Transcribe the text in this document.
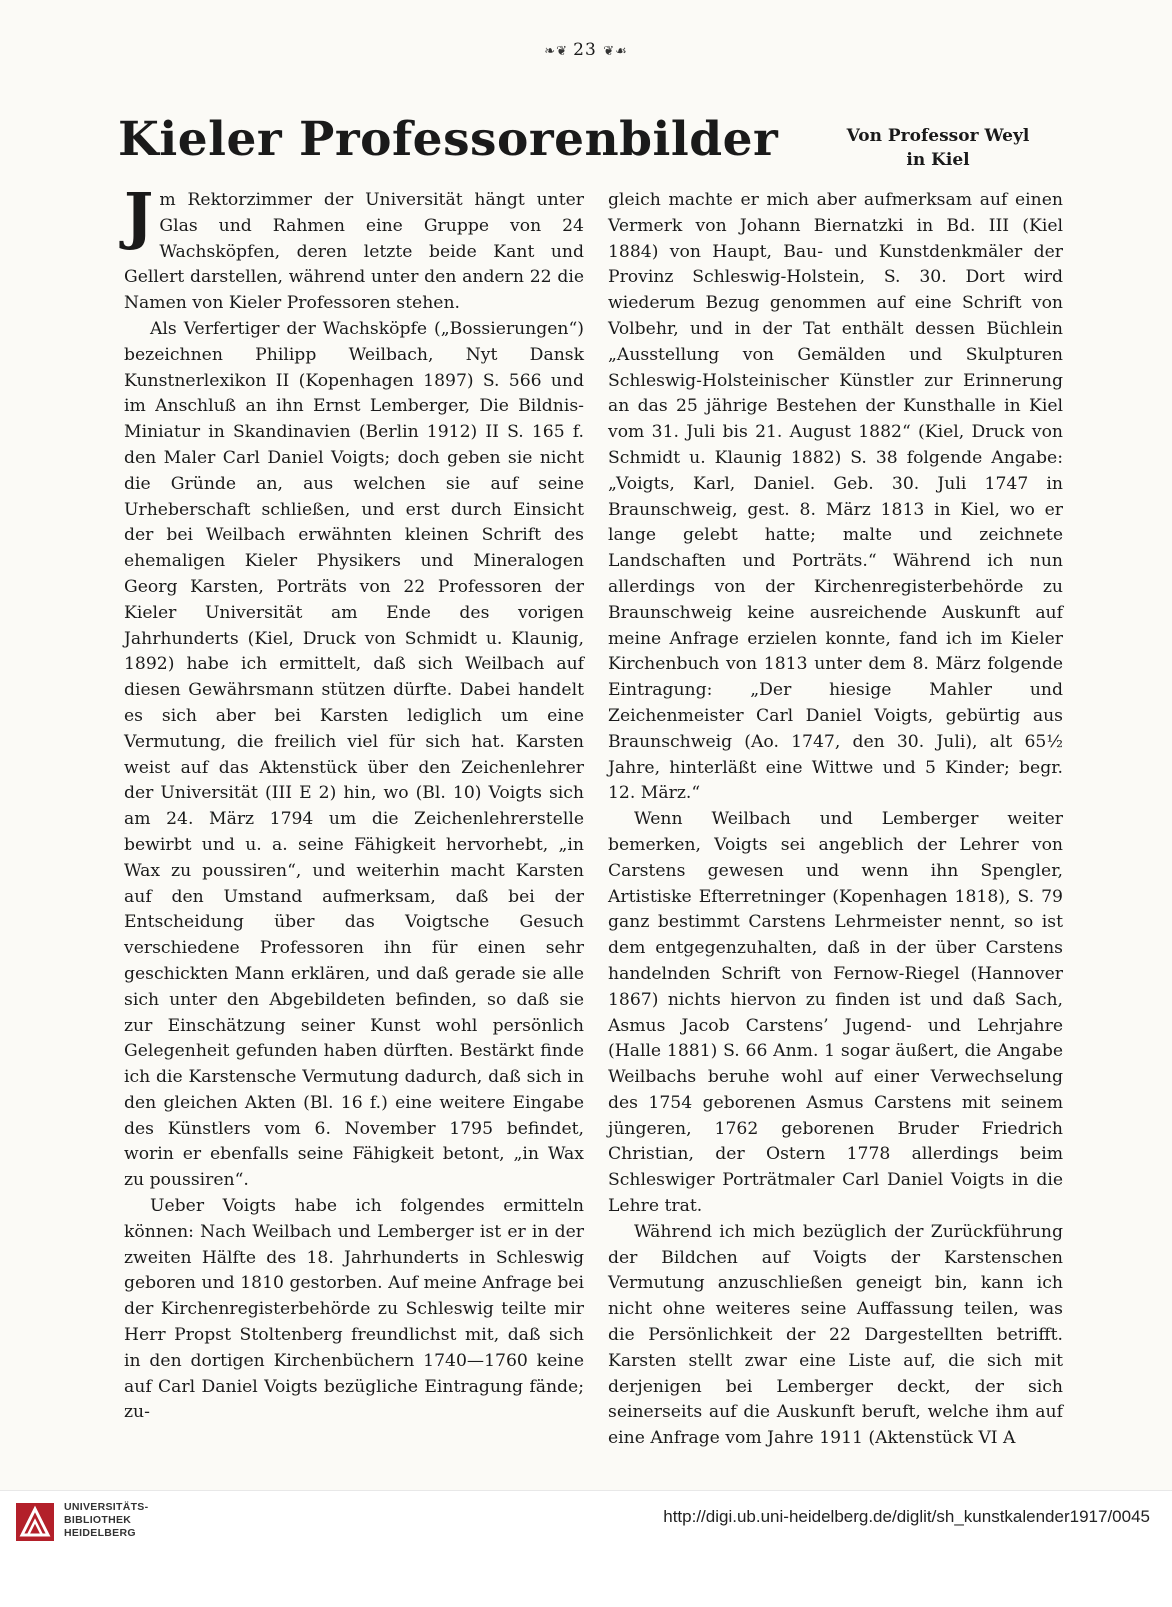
❧❦ 23 ❦☙
Kieler Professorenbilder	Von Professor Weyl
in Kiel

Jm Rektorzimmer der Universität hängt unter Glas und Rahmen eine Gruppe von 24 Wachsköpfen, deren letzte beide Kant und Gellert darstellen, während unter den andern 22 die Namen von Kieler Professoren stehen.

Als Verfertiger der Wachsköpfe („Bossierungen“) bezeichnen Philipp Weilbach, Nyt Dansk Kunstnerlexikon II (Kopenhagen 1897) S. 566 und im Anschluß an ihn Ernst Lemberger, Die Bildnis-Miniatur in Skandinavien (Berlin 1912) II S. 165 f. den Maler Carl Daniel Voigts; doch geben sie nicht die Gründe an, aus welchen sie auf seine Urheberschaft schließen, und erst durch Einsicht der bei Weilbach erwähnten kleinen Schrift des ehemaligen Kieler Physikers und Mineralogen Georg Karsten, Porträts von 22 Professoren der Kieler Universität am Ende des vorigen Jahrhunderts (Kiel, Druck von Schmidt u. Klaunig, 1892) habe ich ermittelt, daß sich Weilbach auf diesen Gewährsmann stützen dürfte. Dabei handelt es sich aber bei Karsten lediglich um eine Vermutung, die freilich viel für sich hat. Karsten weist auf das Aktenstück über den Zeichenlehrer der Universität (III E 2) hin, wo (Bl. 10) Voigts sich am 24. März 1794 um die Zeichenlehrerstelle bewirbt und u. a. seine Fähigkeit hervorhebt, „in Wax zu poussiren“, und weiterhin macht Karsten auf den Umstand aufmerksam, daß bei der Entscheidung über das Voigtsche Gesuch verschiedene Professoren ihn für einen sehr geschickten Mann erklären, und daß gerade sie alle sich unter den Abgebildeten befinden, so daß sie zur Einschätzung seiner Kunst wohl persönlich Gelegenheit gefunden haben dürften. Bestärkt finde ich die Karstensche Vermutung dadurch, daß sich in den gleichen Akten (Bl. 16 f.) eine weitere Eingabe des Künstlers vom 6. November 1795 befindet, worin er ebenfalls seine Fähigkeit betont, „in Wax zu poussiren“.

Ueber Voigts habe ich folgendes ermitteln können: Nach Weilbach und Lemberger ist er in der zweiten Hälfte des 18. Jahrhunderts in Schleswig geboren und 1810 gestorben. Auf meine Anfrage bei der Kirchenregisterbehörde zu Schleswig teilte mir Herr Propst Stoltenberg freundlichst mit, daß sich in den dortigen Kirchenbüchern 1740—1760 keine auf Carl Daniel Voigts bezügliche Eintragung fände; zu-

gleich machte er mich aber aufmerksam auf einen Vermerk von Johann Biernatzki in Bd. III (Kiel 1884) von Haupt, Bau- und Kunstdenkmäler der Provinz Schleswig-Holstein, S. 30. Dort wird wiederum Bezug genommen auf eine Schrift von Volbehr, und in der Tat enthält dessen Büchlein „Ausstellung von Gemälden und Skulpturen Schleswig-Holsteinischer Künstler zur Erinnerung an das 25 jährige Bestehen der Kunsthalle in Kiel vom 31. Juli bis 21. August 1882“ (Kiel, Druck von Schmidt u. Klaunig 1882) S. 38 folgende Angabe: „Voigts, Karl, Daniel. Geb. 30. Juli 1747 in Braunschweig, gest. 8. März 1813 in Kiel, wo er lange gelebt hatte; malte und zeichnete Landschaften und Porträts.“ Während ich nun allerdings von der Kirchenregisterbehörde zu Braunschweig keine ausreichende Auskunft auf meine Anfrage erzielen konnte, fand ich im Kieler Kirchenbuch von 1813 unter dem 8. März folgende Eintragung: „Der hiesige Mahler und Zeichenmeister Carl Daniel Voigts, gebürtig aus Braunschweig (Ao. 1747, den 30. Juli), alt 65½ Jahre, hinterläßt eine Wittwe und 5 Kinder; begr. 12. März.“

Wenn Weilbach und Lemberger weiter bemerken, Voigts sei angeblich der Lehrer von Carstens gewesen und wenn ihn Spengler, Artistiske Efterretninger (Kopenhagen 1818), S. 79 ganz bestimmt Carstens Lehrmeister nennt, so ist dem entgegenzuhalten, daß in der über Carstens handelnden Schrift von Fernow-Riegel (Hannover 1867) nichts hiervon zu finden ist und daß Sach, Asmus Jacob Carstens’ Jugend- und Lehrjahre (Halle 1881) S. 66 Anm. 1 sogar äußert, die Angabe Weilbachs beruhe wohl auf einer Verwechselung des 1754 geborenen Asmus Carstens mit seinem jüngeren, 1762 geborenen Bruder Friedrich Christian, der Ostern 1778 allerdings beim Schleswiger Porträtmaler Carl Daniel Voigts in die Lehre trat.

Während ich mich bezüglich der Zurückführung der Bildchen auf Voigts der Karstenschen Vermutung anzuschließen geneigt bin, kann ich nicht ohne weiteres seine Auffassung teilen, was die Persönlichkeit der 22 Dargestellten betrifft. Karsten stellt zwar eine Liste auf, die sich mit derjenigen bei Lemberger deckt, der sich seinerseits auf die Auskunft beruft, welche ihm auf eine Anfrage vom Jahre 1911 (Aktenstück VI A

UNIVERSITÄTS-
BIBLIOTHEK
HEIDELBERG
http://digi.ub.uni-heidelberg.de/diglit/sh_kunstkalender1917/0045
